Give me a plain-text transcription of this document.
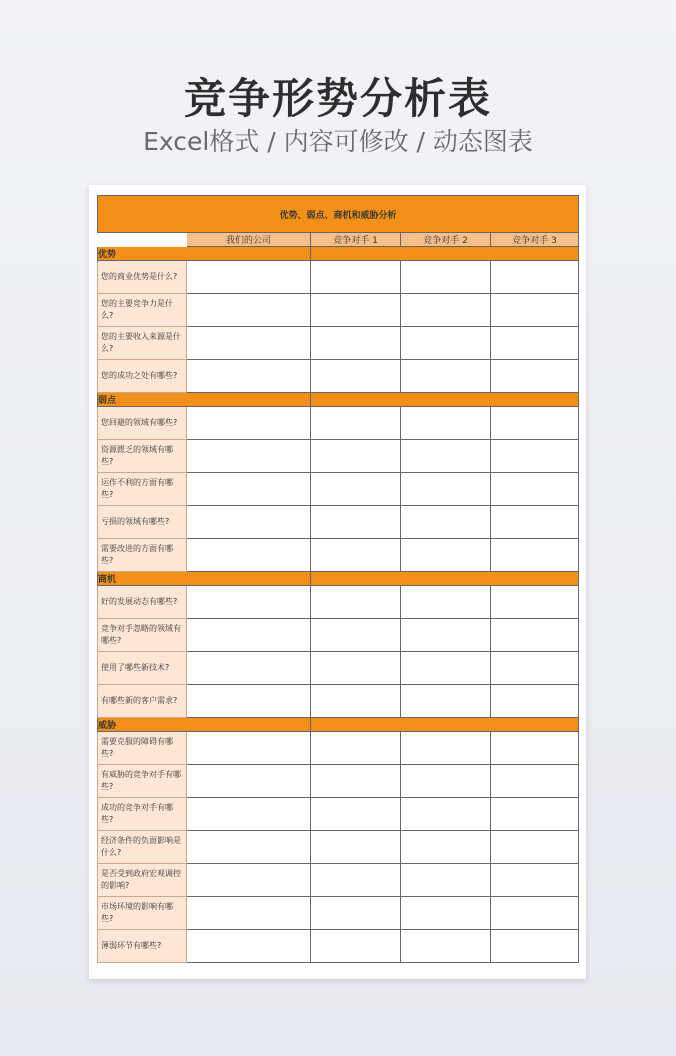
竞争形势分析表
Excel格式 / 内容可修改 / 动态图表
优势、弱点、商机和威胁分析				
	我们的公司	竞争对手 1	竞争对手 2	竞争对手 3
优势				
您的商业优势是什么?				
您的主要竞争力是什么?				
您的主要收入来源是什么?				
您的成功之处有哪些?				
弱点				
您回避的领域有哪些?				
资源匮乏的领域有哪些?				
运作不利的方面有哪些?				
亏损的领域有哪些?				
需要改进的方面有哪些?				
商机				
好的发展动态有哪些?				
竞争对手忽略的领域有哪些?				
使用了哪些新技术?				
有哪些新的客户需求?				
威胁				
需要克服的障碍有哪些?				
有威胁的竞争对手有哪些?				
成功的竞争对手有哪些?				
经济条件的负面影响是什么?				
是否受到政府宏观调控的影响?				
市场环境的影响有哪些?				
薄弱环节有哪些?				
